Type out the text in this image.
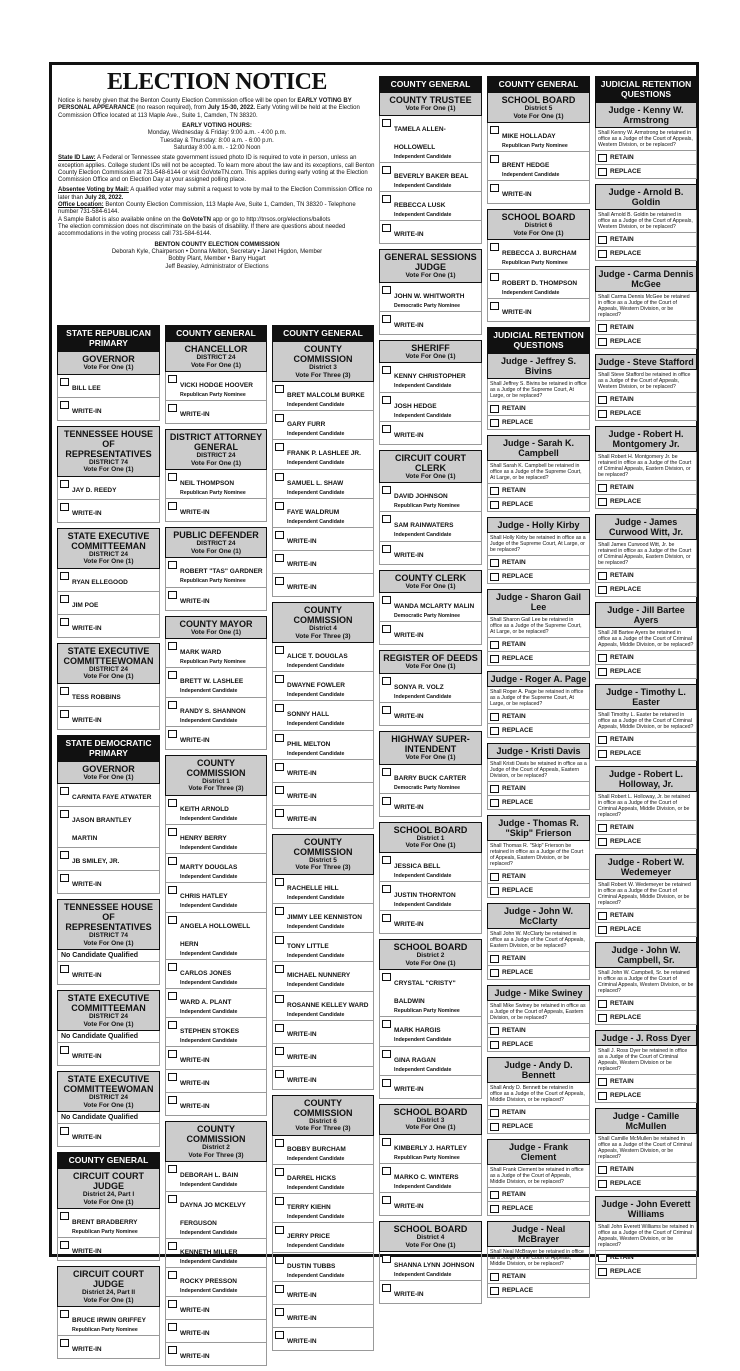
ELECTION NOTICE

Notice is hereby given that the Benton County Election Commission office will be open for EARLY VOTING BY PERSONAL APPEARANCE (no reason required), from July 15-30, 2022. Early Voting will be held at the Election Commission Office located at 113 Maple Ave., Suite 1, Camden, TN 38320.

EARLY VOTING HOURS:
Monday, Wednesday & Friday: 9:00 a.m. - 4:00 p.m.
Tuesday & Thursday: 8:00 a.m. - 6:00 p.m.
Saturday 8:00 a.m. - 12:00 Noon

State ID Law: A Federal or Tennessee state government issued photo ID is required to vote in person, unless an exception applies. College student IDs will not be accepted. To learn more about the law and its exceptions, call Benton County Election Commission at 731-548-6144 or visit GoVoteTN.com. This applies during early voting at the Election Commission Office and on Election Day at your assigned polling place.

Absentee Voting by Mail: A qualified voter may submit a request to vote by mail to the Election Commission Office no later than July 28, 2022.
Office Location: Benton County Election Commission, 113 Maple Ave, Suite 1, Camden, TN 38320 - Telephone number 731-584-6144.
A Sample Ballot is also available online on the GoVoteTN app or go to http://tnsos.org/elections/ballots
The election commission does not discriminate on the basis of disability. If there are questions about needed accommodations in the voting process call 731-584-6144.

BENTON COUNTY ELECTION COMMISSION
Deborah Kyle, Chairperson • Donna Melton, Secretary • Janet Higdon, Member
Bobby Plant, Member • Barry Hugart
Jeff Beasley, Administrator of Elections

STATE REPUBLICAN PRIMARY
GOVERNOR
Vote For One (1)
BILL LEE
WRITE-IN
TENNESSEE HOUSE OF REPRESENTATIVES
DISTRICT 74
Vote For One (1)
JAY D. REEDY
WRITE-IN
STATE EXECUTIVE COMMITTEEMAN
DISTRICT 24
Vote For One (1)
RYAN ELLEGOOD
JIM POE
WRITE-IN
STATE EXECUTIVE COMMITTEEWOMAN
DISTRICT 24
Vote For One (1)
TESS ROBBINS
WRITE-IN
STATE DEMOCRATIC PRIMARY
GOVERNOR
Vote For One (1)
CARNITA FAYE ATWATER
JASON BRANTLEY MARTIN
JB SMILEY, JR.
WRITE-IN
TENNESSEE HOUSE OF REPRESENTATIVES
DISTRICT 74
Vote For One (1)
No Candidate Qualified
WRITE-IN
STATE EXECUTIVE COMMITTEEMAN
DISTRICT 24
Vote For One (1)
No Candidate Qualified
WRITE-IN
STATE EXECUTIVE COMMITTEEWOMAN
DISTRICT 24
Vote For One (1)
No Candidate Qualified
WRITE-IN
COUNTY GENERAL
CIRCUIT COURT JUDGE
District 24, Part I
Vote For One (1)
BRENT BRADBERRY
Republican Party Nominee
WRITE-IN
CIRCUIT COURT JUDGE
District 24, Part II
Vote For One (1)
BRUCE IRWIN GRIFFEY
Republican Party Nominee
WRITE-IN
COUNTY GENERAL
CHANCELLOR
DISTRICT 24
Vote For One (1)
VICKI HODGE HOOVER
Republican Party Nominee
WRITE-IN
DISTRICT ATTORNEY GENERAL
DISTRICT 24
Vote For One (1)
NEIL THOMPSON
Republican Party Nominee
WRITE-IN
PUBLIC DEFENDER
DISTRICT 24
Vote For One (1)
ROBERT "TAS" GARDNER
Republican Party Nominee
WRITE-IN
COUNTY MAYOR
Vote For One (1)
MARK WARD
Republican Party Nominee
BRETT W. LASHLEE
Independent Candidate
RANDY S. SHANNON
Independent Candidate
WRITE-IN
COUNTY COMMISSION
District 1
Vote For Three (3)
KEITH ARNOLD
Independent Candidate
HENRY BERRY
Independent Candidate
MARTY DOUGLAS
Independent Candidate
CHRIS HATLEY
Independent Candidate
ANGELA HOLLOWELL HERN
Independent Candidate
CARLOS JONES
Independent Candidate
WARD A. PLANT
Independent Candidate
STEPHEN STOKES
Independent Candidate
WRITE-IN
WRITE-IN
WRITE-IN
COUNTY COMMISSION
District 2
Vote For Three (3)
DEBORAH L. BAIN
Independent Candidate
DAYNA JO MCKELVY FERGUSON
Independent Candidate
KENNETH MILLER
Independent Candidate
ROCKY PRESSON
Independent Candidate
WRITE-IN
WRITE-IN
WRITE-IN
COUNTY GENERAL
COUNTY COMMISSION
District 3
Vote For Three (3)
BRET MALCOLM BURKE
Independent Candidate
GARY FURR
Independent Candidate
FRANK P. LASHLEE JR.
Independent Candidate
SAMUEL L. SHAW
Independent Candidate
FAYE WALDRUM
Independent Candidate
WRITE-IN
WRITE-IN
WRITE-IN
COUNTY COMMISSION
District 4
Vote For Three (3)
ALICE T. DOUGLAS
Independent Candidate
DWAYNE FOWLER
Independent Candidate
SONNY HALL
Independent Candidate
PHIL MELTON
Independent Candidate
WRITE-IN
WRITE-IN
WRITE-IN
COUNTY COMMISSION
District 5
Vote For Three (3)
RACHELLE HILL
Independent Candidate
JIMMY LEE KENNISTON
Independent Candidate
TONY LITTLE
Independent Candidate
MICHAEL NUNNERY
Independent Candidate
ROSANNE KELLEY WARD
Independent Candidate
WRITE-IN
WRITE-IN
WRITE-IN
COUNTY COMMISSION
District 6
Vote For Three (3)
BOBBY BURCHAM
Independent Candidate
DARREL HICKS
Independent Candidate
TERRY KIEHN
Independent Candidate
JERRY PRICE
Independent Candidate
DUSTIN TUBBS
Independent Candidate
WRITE-IN
WRITE-IN
WRITE-IN
COUNTY GENERAL
COUNTY TRUSTEE
Vote For One (1)
TAMELA ALLEN-HOLLOWELL
Independent Candidate
BEVERLY BAKER BEAL
Independent Candidate
REBECCA LUSK
Independent Candidate
WRITE-IN
GENERAL SESSIONS JUDGE
Vote For One (1)
JOHN W. WHITWORTH
Democratic Party Nominee
WRITE-IN
SHERIFF
Vote For One (1)
KENNY CHRISTOPHER
Independent Candidate
JOSH HEDGE
Independent Candidate
WRITE-IN
CIRCUIT COURT CLERK
Vote For One (1)
DAVID JOHNSON
Republican Party Nominee
SAM RAINWATERS
Independent Candidate
WRITE-IN
COUNTY CLERK
Vote For One (1)
WANDA MCLARTY MALIN
Democratic Party Nominee
WRITE-IN
REGISTER OF DEEDS
Vote For One (1)
SONYA R. VOLZ
Independent Candidate
WRITE-IN
HIGHWAY SUPER-INTENDENT
Vote For One (1)
BARRY BUCK CARTER
Democratic Party Nominee
WRITE-IN
SCHOOL BOARD
District 1
Vote For One (1)
JESSICA BELL
Independent Candidate
JUSTIN THORNTON
Independent Candidate
WRITE-IN
SCHOOL BOARD
District 2
Vote For One (1)
CRYSTAL "CRISTY" BALDWIN
Republican Party Nominee
MARK HARGIS
Independent Candidate
GINA RAGAN
Independent Candidate
WRITE-IN
SCHOOL BOARD
District 3
Vote For One (1)
KIMBERLY J. HARTLEY
Republican Party Nominee
MARKO C. WINTERS
Independent Candidate
WRITE-IN
SCHOOL BOARD
District 4
Vote For One (1)
SHANNA LYNN JOHNSON
Independent Candidate
WRITE-IN
COUNTY GENERAL
SCHOOL BOARD
District 5
Vote For One (1)
MIKE HOLLADAY
Republican Party Nominee
BRENT HEDGE
Independent Candidate
WRITE-IN
SCHOOL BOARD
District 6
Vote For One (1)
REBECCA J. BURCHAM
Republican Party Nominee
ROBERT D. THOMPSON
Independent Candidate
WRITE-IN
JUDICIAL RETENTION QUESTIONS
Judge - Jeffrey S. Bivins
Shall Jeffrey S. Bivins be retained in office as a Judge of the Supreme Court, At Large, or be replaced?
RETAIN
REPLACE
Judge - Sarah K. Campbell
Shall Sarah K. Campbell be retained in office as a Judge of the Supreme Court, At Large, or be replaced?
RETAIN
REPLACE
Judge - Holly Kirby
Shall Holly Kirby be retained in office as a Judge of the Supreme Court, At Large, or be replaced?
RETAIN
REPLACE
Judge - Sharon Gail Lee
Shall Sharon Gail Lee be retained in office as a Judge of the Supreme Court, At Large, or be replaced?
RETAIN
REPLACE
Judge - Roger A. Page
Shall Roger A. Page be retained in office as a Judge of the Supreme Court, At Large, or be replaced?
RETAIN
REPLACE
Judge - Kristi Davis
Shall Kristi Davis be retained in office as a Judge of the Court of Appeals, Eastern Division, or be replaced?
RETAIN
REPLACE
Judge - Thomas R. "Skip" Frierson
Shall Thomas R. "Skip" Frierson be retained in office as a Judge of the Court of Appeals, Eastern Division, or be replaced?
RETAIN
REPLACE
Judge - John W. McClarty
Shall John W. McClarty be retained in office as a Judge of the Court of Appeals, Eastern Division, or be replaced?
RETAIN
REPLACE
Judge - Mike Swiney
Shall Mike Swiney be retained in office as a Judge of the Court of Appeals, Eastern Division, or be replaced?
RETAIN
REPLACE
Judge - Andy D. Bennett
Shall Andy D. Bennett be retained in office as a Judge of the Court of Appeals, Middle Division, or be replaced?
RETAIN
REPLACE
Judge - Frank Clement
Shall Frank Clement be retained in office as a Judge of the Court of Appeals, Middle Division, or be replaced?
RETAIN
REPLACE
Judge - Neal McBrayer
Shall Neal McBrayer be retained in office as a Judge of the Court of Appeals, Middle Division, or be replaced?
RETAIN
REPLACE
JUDICIAL RETENTION QUESTIONS
Judge - Kenny W. Armstrong
Shall Kenny W. Armstrong be retained in office as a Judge of the Court of Appeals, Western Division, or be replaced?
RETAIN
REPLACE
Judge - Arnold B. Goldin
Shall Arnold B. Goldin be retained in office as a Judge of the Court of Appeals, Western Division, or be replaced?
RETAIN
REPLACE
Judge - Carma Dennis McGee
Shall Carma Dennis McGee be retained in office as a Judge of the Court of Appeals, Western Division, or be replaced?
RETAIN
REPLACE
Judge - Steve Stafford
Shall Steve Stafford be retained in office as a Judge of the Court of Appeals, Western Division, or be replaced?
RETAIN
REPLACE
Judge - Robert H. Montgomery Jr.
Shall Robert H. Montgomery Jr. be retained in office as a Judge of the Court of Criminal Appeals, Eastern Division, or be replaced?
RETAIN
REPLACE
Judge - James Curwood Witt, Jr.
Shall James Curwood Witt, Jr. be retained in office as a Judge of the Court of Criminal Appeals, Eastern Division, or be replaced?
RETAIN
REPLACE
Judge - Jill Bartee Ayers
Shall Jill Bartee Ayers be retained in office as a Judge of the Court of Criminal Appeals, Middle Division, or be replaced?
RETAIN
REPLACE
Judge - Timothy L. Easter
Shall Timothy L. Easter be retained in office as a Judge of the Court of Criminal Appeals, Middle Division, or be replaced?
RETAIN
REPLACE
Judge - Robert L. Holloway, Jr.
Shall Robert L. Holloway, Jr. be retained in office as a Judge of the Court of Criminal Appeals, Middle Division, or be replaced?
RETAIN
REPLACE
Judge - Robert W. Wedemeyer
Shall Robert W. Wedemeyer be retained in office as a Judge of the Court of Criminal Appeals, Middle Division, or be replaced?
RETAIN
REPLACE
Judge - John W. Campbell, Sr.
Shall John W. Campbell, Sr. be retained in office as a Judge of the Court of Criminal Appeals, Western Division, or be replaced?
RETAIN
REPLACE
Judge - J. Ross Dyer
Shall J. Ross Dyer be retained in office as a Judge of the Court of Criminal Appeals, Western Division or be replaced?
RETAIN
REPLACE
Judge - Camille McMullen
Shall Camille McMullen be retained in office as a Judge of the Court of Criminal Appeals, Western Division, or be replaced?
RETAIN
REPLACE
Judge - John Everett Williams
Shall John Everett Williams be retained in office as a Judge of the Court of Criminal Appeals, Western Division, or be replaced?
RETAIN
REPLACE
